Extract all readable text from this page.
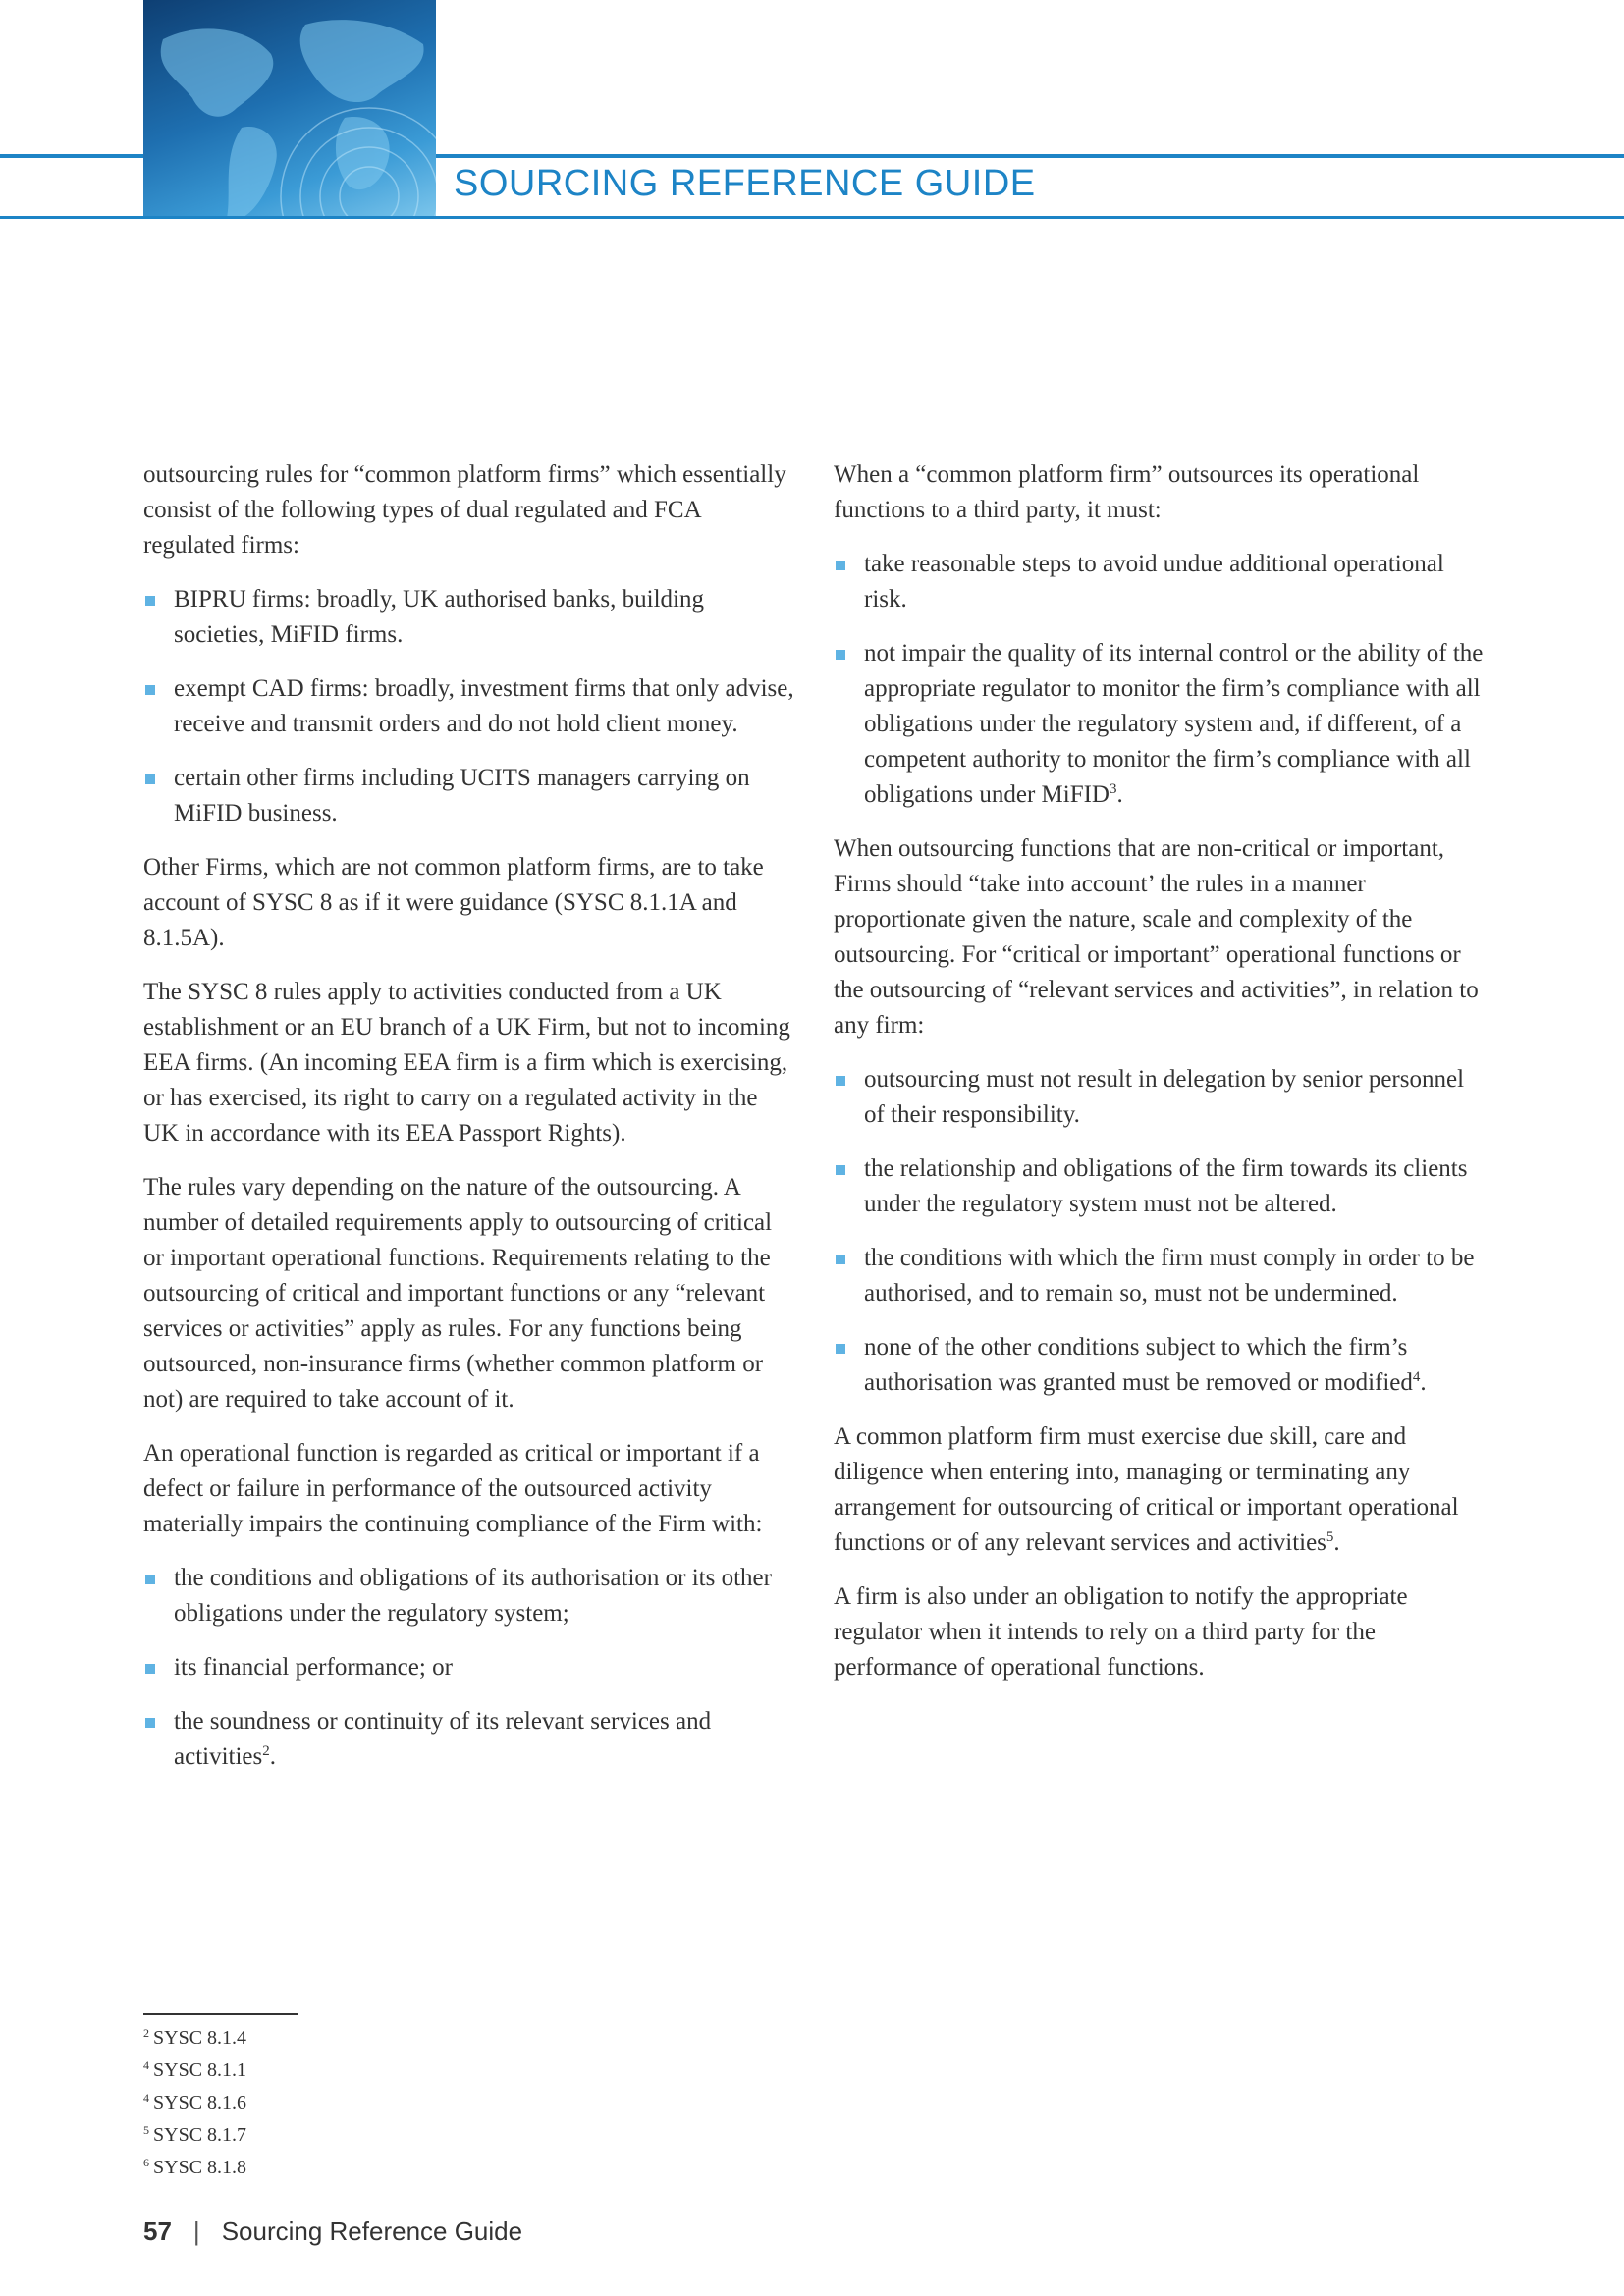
SOURCING REFERENCE GUIDE

outsourcing rules for “common platform firms” which essentially consist of the following types of dual regulated and FCA regulated firms:

BIPRU firms: broadly, UK authorised banks, building societies, MiFID firms.
exempt CAD firms: broadly, investment firms that only advise, receive and transmit orders and do not hold client money.
certain other firms including UCITS managers carrying on MiFID business.

Other Firms, which are not common platform firms, are to take account of SYSC 8 as if it were guidance (SYSC 8.1.1A and 8.1.5A).

The SYSC 8 rules apply to activities conducted from a UK establishment or an EU branch of a UK Firm, but not to incoming EEA firms. (An incoming EEA firm is a firm which is exercising, or has exercised, its right to carry on a regulated activity in the UK in accordance with its EEA Passport Rights).

The rules vary depending on the nature of the outsourcing. A number of detailed requirements apply to outsourcing of critical or important operational functions. Requirements relating to the outsourcing of critical and important functions or any “relevant services or activities” apply as rules. For any functions being outsourced, non-insurance firms (whether common platform or not) are required to take account of it.

An operational function is regarded as critical or important if a defect or failure in performance of the outsourced activity materially impairs the continuing compliance of the Firm with:

the conditions and obligations of its authorisation or its other obligations under the regulatory system;
its financial performance; or
the soundness or continuity of its relevant services and activities$^2$.

When a “common platform firm” outsources its operational functions to a third party, it must:

take reasonable steps to avoid undue additional operational risk.
not impair the quality of its internal control or the ability of the appropriate regulator to monitor the firm’s compliance with all obligations under the regulatory system and, if different, of a competent authority to monitor the firm’s compliance with all obligations under MiFID$^3$.

When outsourcing functions that are non-critical or important, Firms should “take into account’ the rules in a manner proportionate given the nature, scale and complexity of the outsourcing. For “critical or important” operational functions or the outsourcing of “relevant services and activities”, in relation to any firm:

outsourcing must not result in delegation by senior personnel of their responsibility.
the relationship and obligations of the firm towards its clients under the regulatory system must not be altered.
the conditions with which the firm must comply in order to be authorised, and to remain so, must not be undermined.
none of the other conditions subject to which the firm’s authorisation was granted must be removed or modified$^4$.

A common platform firm must exercise due skill, care and diligence when entering into, managing or terminating any arrangement for outsourcing of critical or important operational functions or of any relevant services and activities$^5$.

A firm is also under an obligation to notify the appropriate regulator when it intends to rely on a third party for the performance of operational functions.

$^2$ SYSC 8.1.4
$^4$ SYSC 8.1.1
$^4$ SYSC 8.1.6
$^5$ SYSC 8.1.7
$^6$ SYSC 8.1.8
57 | Sourcing Reference Guide
